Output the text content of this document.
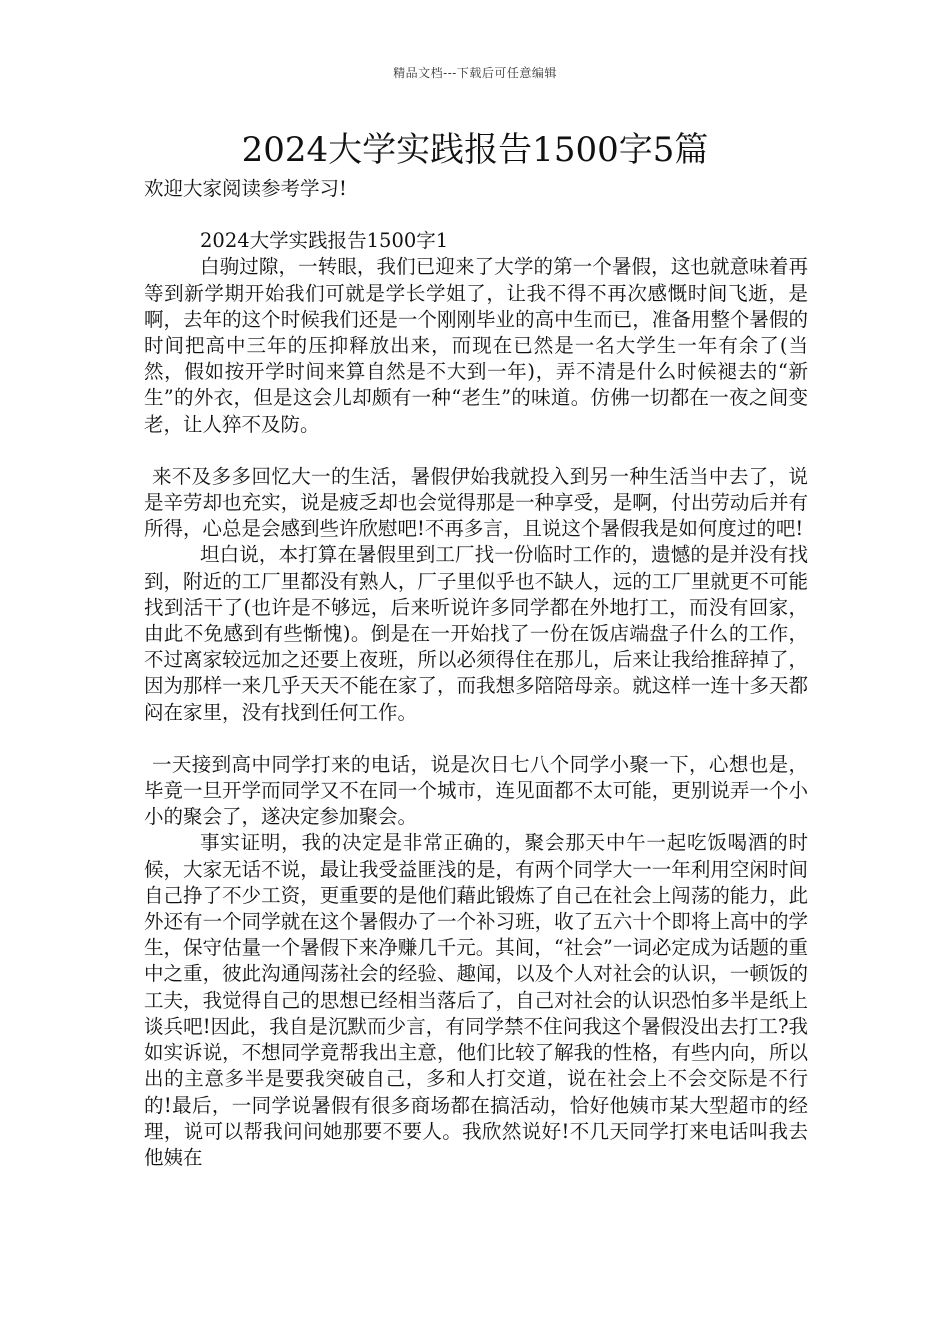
精品文档---下载后可任意编辑
2024大学实践报告1500字5篇

欢迎大家阅读参考学习!

2024大学实践报告1500字1

白驹过隙，一转眼，我们已迎来了大学的第一个暑假，这也就意味着再等到新学期开始我们可就是学长学姐了，让我不得不再次感慨时间飞逝，是啊，去年的这个时候我们还是一个刚刚毕业的高中生而已，准备用整个暑假的时间把高中三年的压抑释放出来，而现在已然是一名大学生一年有余了(当然，假如按开学时间来算自然是不大到一年)，弄不清是什么时候褪去的“新生”的外衣，但是这会儿却颇有一种“老生”的味道。仿佛一切都在一夜之间变老，让人猝不及防。

来不及多多回忆大一的生活，暑假伊始我就投入到另一种生活当中去了，说是辛劳却也充实，说是疲乏却也会觉得那是一种享受，是啊，付出劳动后并有所得，心总是会感到些许欣慰吧!不再多言，且说这个暑假我是如何度过的吧!

坦白说，本打算在暑假里到工厂找一份临时工作的，遗憾的是并没有找到，附近的工厂里都没有熟人，厂子里似乎也不缺人，远的工厂里就更不可能找到活干了(也许是不够远，后来听说许多同学都在外地打工，而没有回家，由此不免感到有些惭愧)。倒是在一开始找了一份在饭店端盘子什么的工作，不过离家较远加之还要上夜班，所以必须得住在那儿，后来让我给推辞掉了，因为那样一来几乎天天不能在家了，而我想多陪陪母亲。就这样一连十多天都闷在家里，没有找到任何工作。

一天接到高中同学打来的电话，说是次日七八个同学小聚一下，心想也是，毕竟一旦开学而同学又不在同一个城市，连见面都不太可能，更别说弄一个小小的聚会了，遂决定参加聚会。

事实证明，我的决定是非常正确的，聚会那天中午一起吃饭喝酒的时候，大家无话不说，最让我受益匪浅的是，有两个同学大一一年利用空闲时间自己挣了不少工资，更重要的是他们藉此锻炼了自己在社会上闯荡的能力，此外还有一个同学就在这个暑假办了一个补习班，收了五六十个即将上高中的学生，保守估量一个暑假下来净赚几千元。其间，“社会”一词必定成为话题的重中之重，彼此沟通闯荡社会的经验、趣闻，以及个人对社会的认识，一顿饭的工夫，我觉得自己的思想已经相当落后了，自己对社会的认识恐怕多半是纸上谈兵吧!因此，我自是沉默而少言，有同学禁不住问我这个暑假没出去打工?我如实诉说，不想同学竟帮我出主意，他们比较了解我的性格，有些内向，所以出的主意多半是要我突破自己，多和人打交道，说在社会上不会交际是不行的!最后，一同学说暑假有很多商场都在搞活动，恰好他姨市某大型超市的经理，说可以帮我问问她那要不要人。我欣然说好!不几天同学打来电话叫我去他姨在
